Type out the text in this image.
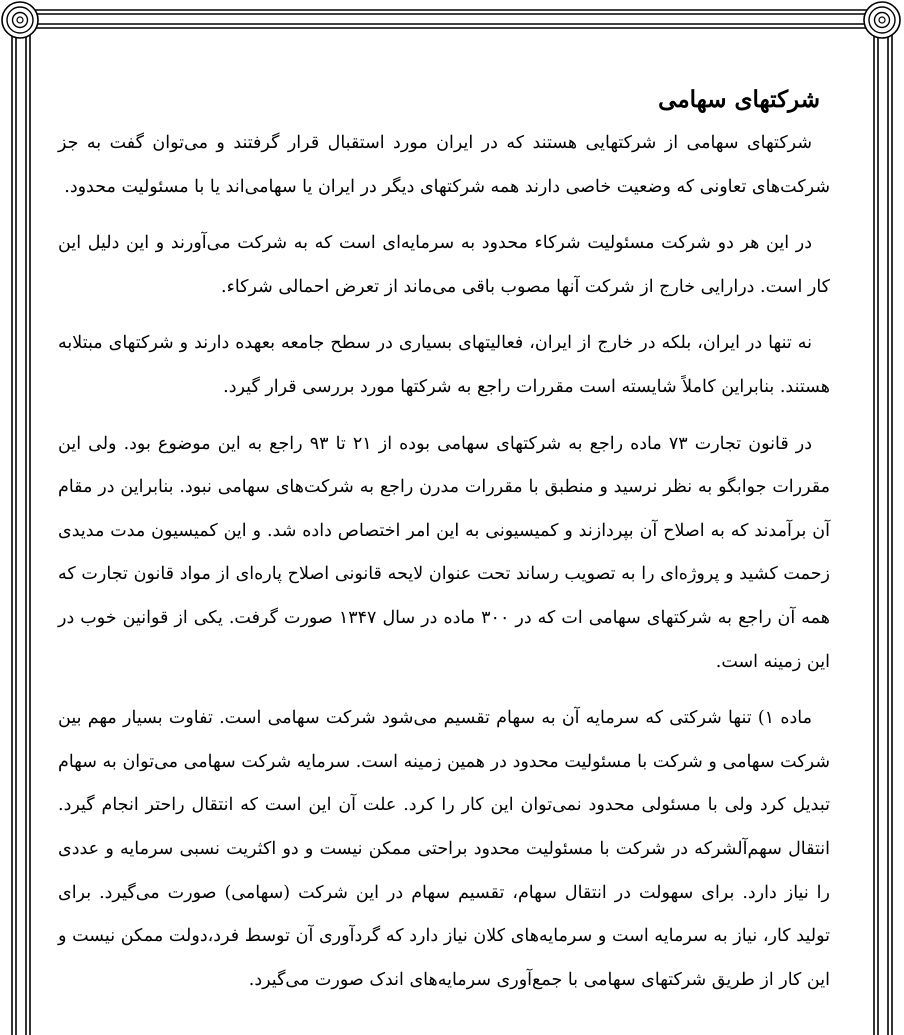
شرکتهای سهامی

شرکتهای سهامی از شرکتهایی هستند که در ایران مورد استقبال قرار گرفتند و می‌توان گفت به جز شرکت‌های تعاونی که وضعیت خاصی دارند همه شرکتهای دیگر در ایران یا سهامی‌اند یا با مسئولیت محدود.

در این هر دو شرکت مسئولیت شرکاء محدود به سرمایه‌ای است که به شرکت می‌آورند و این دلیل این کار است. درارایی خارج از شرکت آنها مصوب باقی می‌ماند از تعرض احمالی شرکاء.

نه تنها در ایران، بلکه در خارج از ایران، فعالیتهای بسیاری در سطح جامعه بعهده دارند و شرکتهای مبتلابه هستند. بنابراین کاملاً شایسته است مقررات راجع به شرکتها مورد بررسی قرار گیرد.

در قانون تجارت ۷۳ ماده راجع به شرکتهای سهامی بوده از ۲۱ تا ۹۳ راجع به این موضوع بود. ولی این مقررات جوابگو به نظر نرسید و منطبق با مقررات مدرن راجع به شرکت‌های سهامی نبود. بنابراین در مقام آن برآمدند که به اصلاح آن بپردازند و کمیسیونی به این امر اختصاص داده شد. و این کمیسیون مدت مدیدی زحمت کشید و پروژه‌ای را به تصویب رساند تحت عنوان لایحه قانونی اصلاح پاره‌ای از مواد قانون تجارت که همه آن راجع به شرکتهای سهامی ات که در ۳۰۰ ماده در سال ۱۳۴۷ صورت گرفت. یکی از قوانین خوب در این زمینه است.

ماده ۱) تنها شرکتی که سرمایه آن به سهام تقسیم می‌شود شرکت سهامی است. تفاوت بسیار مهم بین شرکت سهامی و شرکت با مسئولیت محدود در همین زمینه است. سرمایه شرکت سهامی می‌توان به سهام تبدیل کرد ولی با مسئولی محدود نمی‌توان این کار را کرد. علت آن این است که انتقال راحتر انجام گیرد. انتقال سهم‌آلشرکه در شرکت با مسئولیت محدود براحتی ممکن نیست و دو اکثریت نسبی سرمایه و عددی را نیاز دارد. برای سهولت در انتقال سهام، تقسیم سهام در این شرکت (سهامی) صورت می‌گیرد. برای تولید کار، نیاز به سرمایه است و سرمایه‌های کلان نیاز دارد که گردآوری آن توسط فرد،دولت ممکن نیست و این کار از طریق شرکتهای سهامی با جمع‌آوری سرمایه‌های اندک صورت می‌گیرد.
